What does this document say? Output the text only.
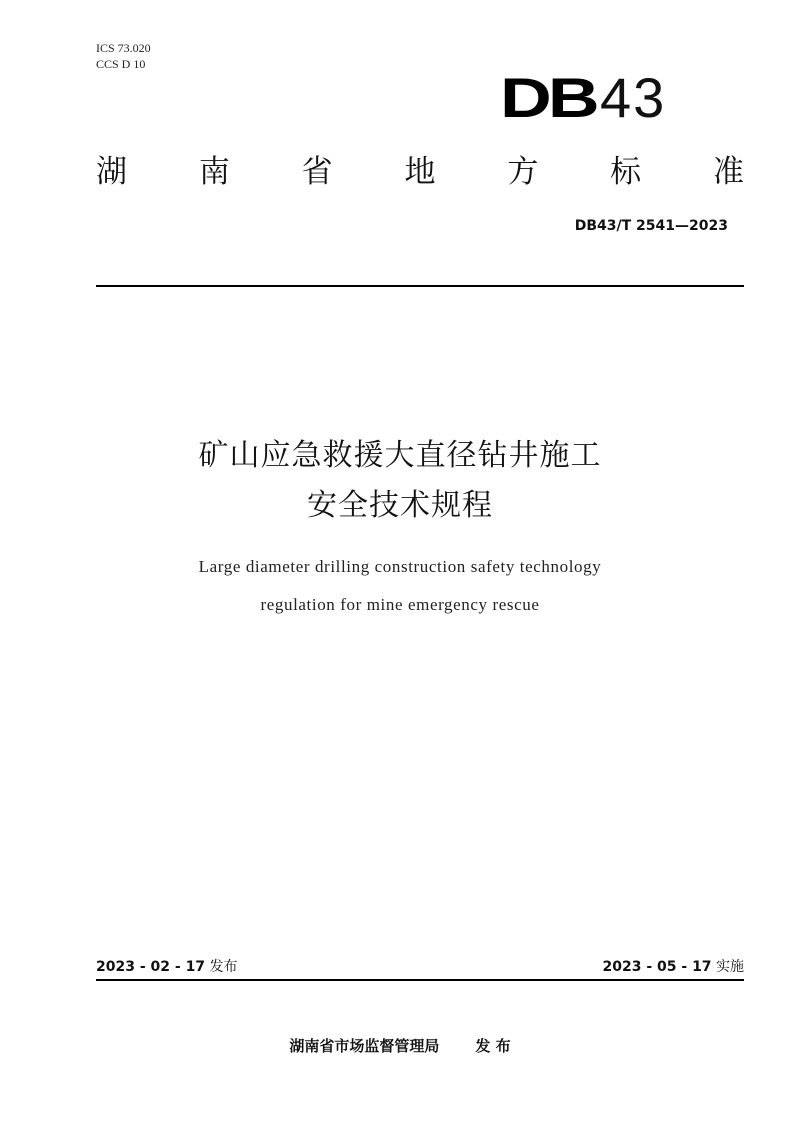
ICS 73.020
CCS D 10
DB 43
湖 南 省 地 方 标 准
DB43/T 2541—2023
矿山应急救援大直径钻井施工
安全技术规程
Large diameter drilling construction safety technology
regulation for mine emergency rescue
2023 - 02 - 17 发布	2023 - 05 - 17 实施
湖南省市场监督管理局 发 布
